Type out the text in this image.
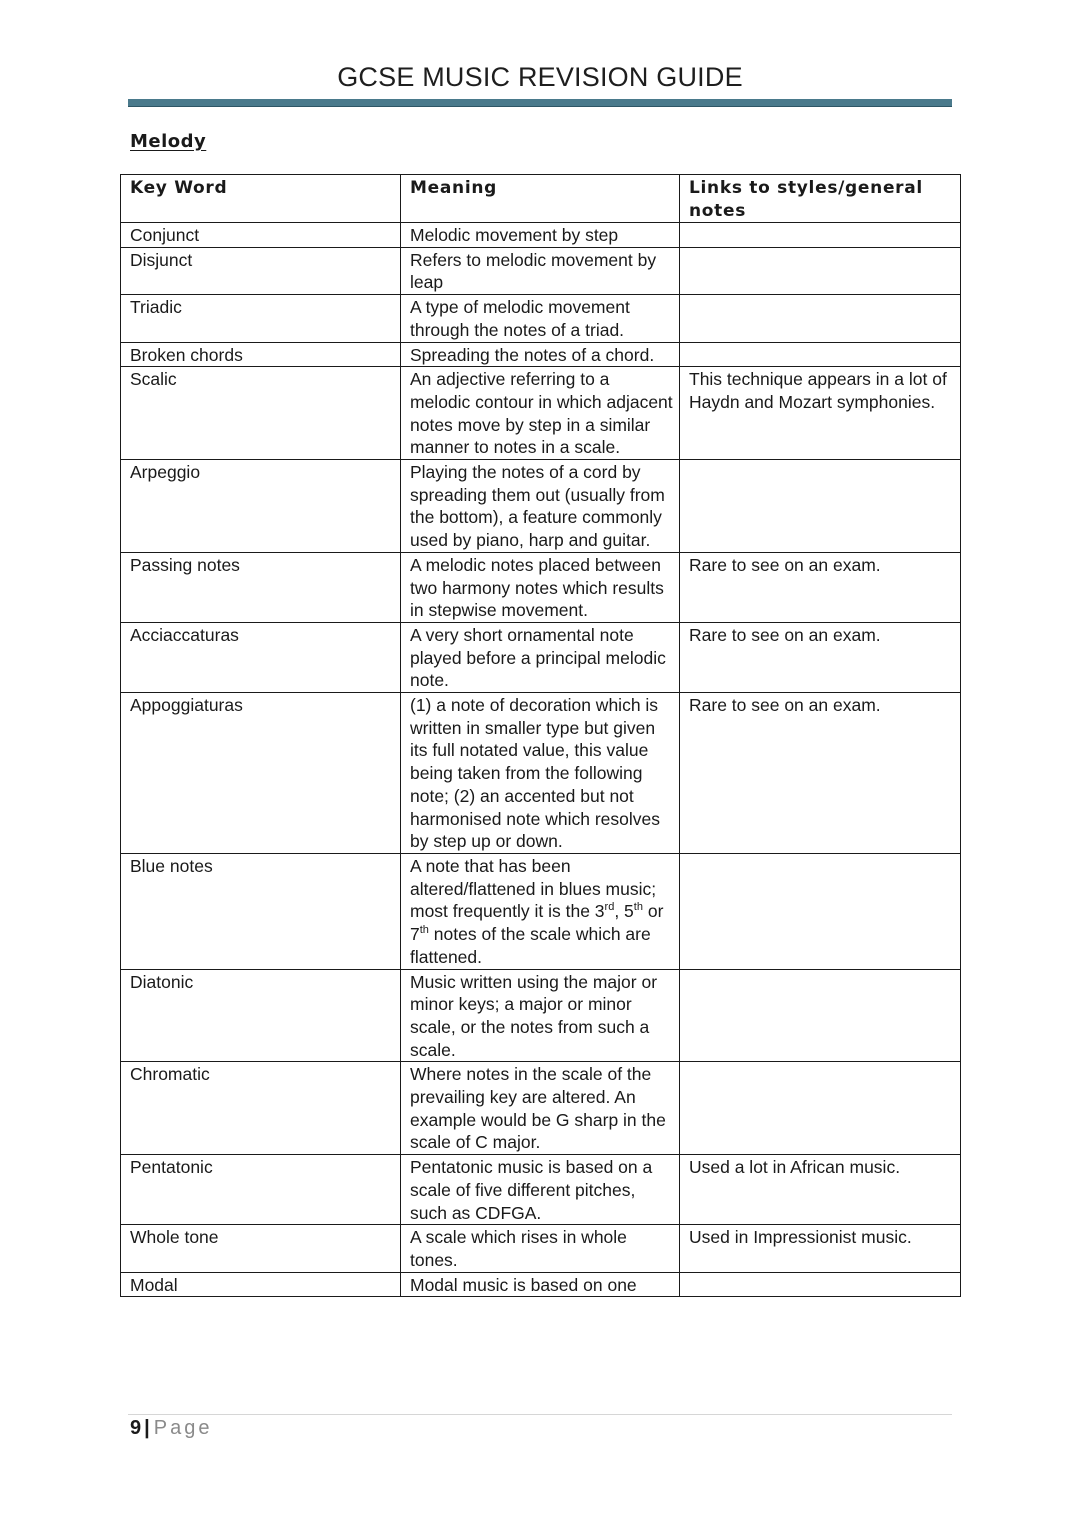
GCSE MUSIC REVISION GUIDE
Melody
Key Word	Meaning	Links to styles/general notes
Conjunct	Melodic movement by step	
Disjunct	Refers to melodic movement by leap	
Triadic	A type of melodic movement through the notes of a triad.	
Broken chords	Spreading the notes of a chord.	
Scalic	An adjective referring to a melodic contour in which adjacent notes move by step in a similar manner to notes in a scale.	This technique appears in a lot of Haydn and Mozart symphonies.
Arpeggio	Playing the notes of a cord by spreading them out (usually from the bottom), a feature commonly used by piano, harp and guitar.	
Passing notes	A melodic notes placed between two harmony notes which results in stepwise movement.	Rare to see on an exam.
Acciaccaturas	A very short ornamental note played before a principal melodic note.	Rare to see on an exam.
Appoggiaturas	(1) a note of decoration which is written in smaller type but given its full notated value, this value being taken from the following note; (2) an accented but not harmonised note which resolves by step up or down.	Rare to see on an exam.
Blue notes	A note that has been altered/flattened in blues music; most frequently it is the 3rd, 5th or 7th notes of the scale which are flattened.	
Diatonic	Music written using the major or minor keys; a major or minor scale, or the notes from such a scale.	
Chromatic	Where notes in the scale of the prevailing key are altered. An example would be G sharp in the scale of C major.	
Pentatonic	Pentatonic music is based on a scale of five different pitches, such as CDFGA.	Used a lot in African music.
Whole tone	A scale which rises in whole tones.	Used in Impressionist music.
Modal	Modal music is based on one	
9 | Page
